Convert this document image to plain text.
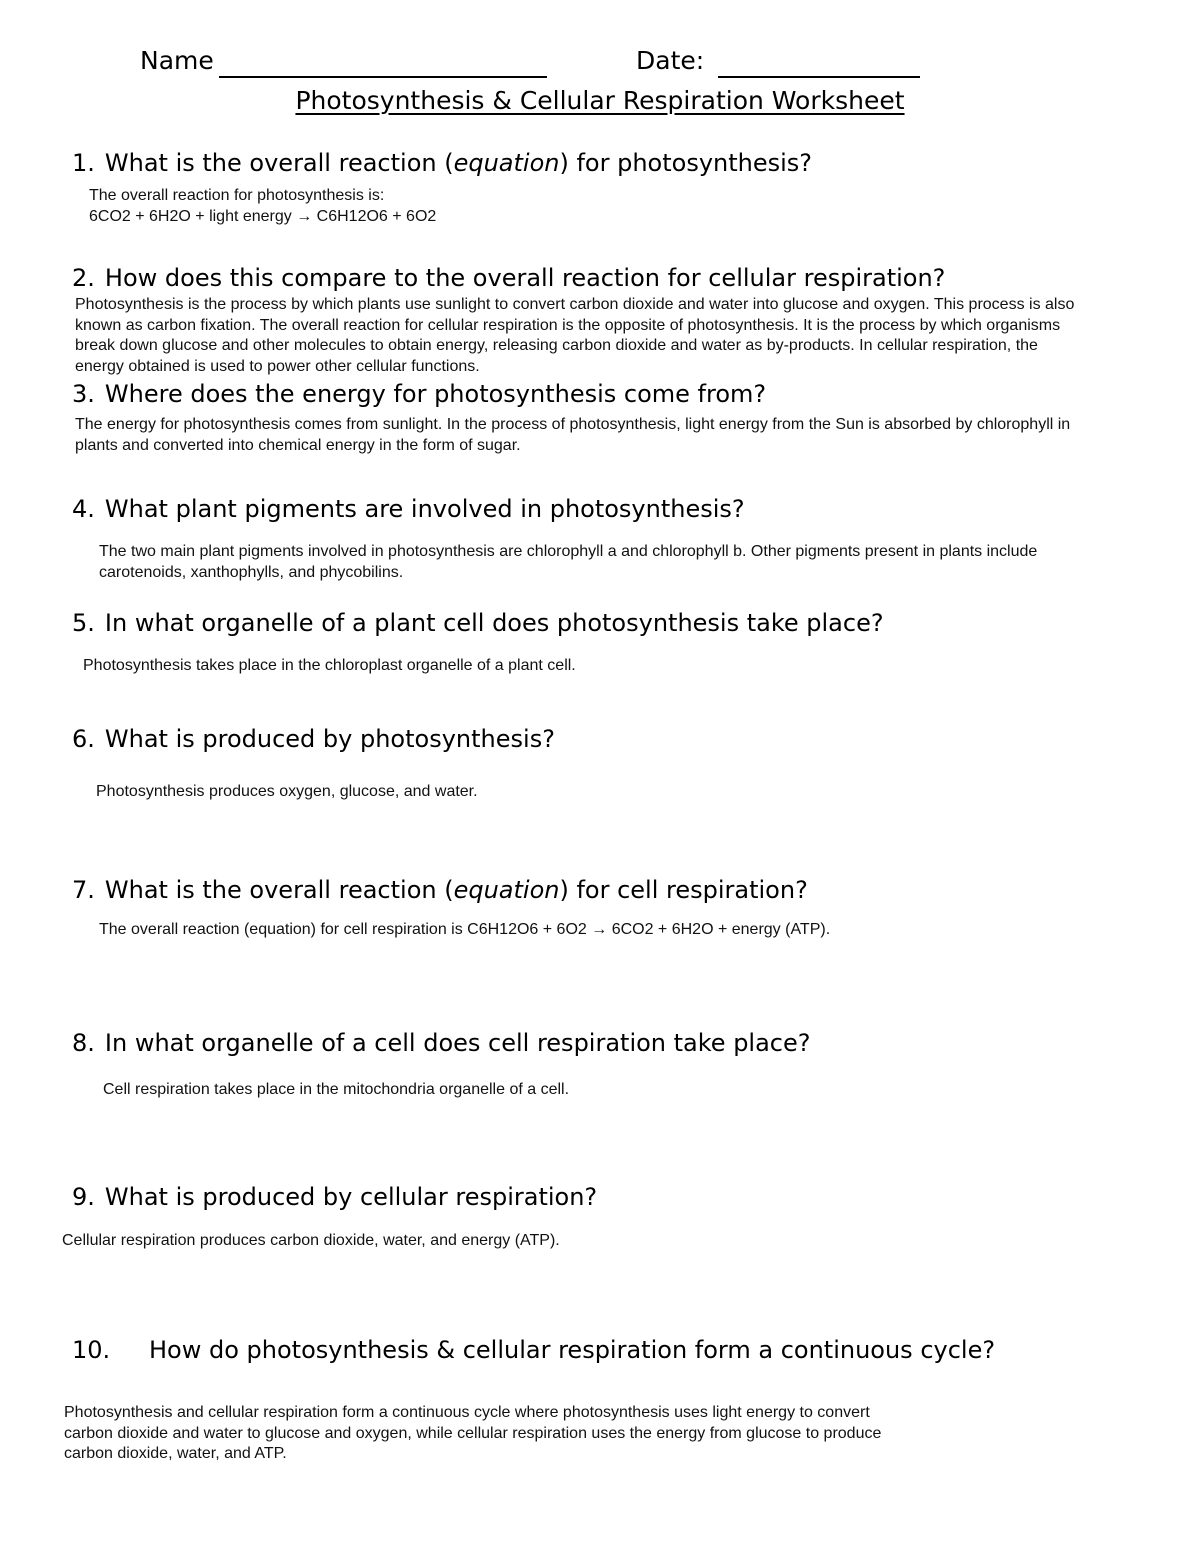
Name	Date:
Photosynthesis & Cellular Respiration Worksheet
1. What is the overall reaction (equation) for photosynthesis?
The overall reaction for photosynthesis is:
6CO2 + 6H2O + light energy → C6H12O6 + 6O2
2. How does this compare to the overall reaction for cellular respiration?
Photosynthesis is the process by which plants use sunlight to convert carbon dioxide and water into glucose and oxygen. This process is also
known as carbon fixation. The overall reaction for cellular respiration is the opposite of photosynthesis. It is the process by which organisms
break down glucose and other molecules to obtain energy, releasing carbon dioxide and water as by-products. In cellular respiration, the
energy obtained is used to power other cellular functions.
3. Where does the energy for photosynthesis come from?
The energy for photosynthesis comes from sunlight. In the process of photosynthesis, light energy from the Sun is absorbed by chlorophyll in
plants and converted into chemical energy in the form of sugar.
4. What plant pigments are involved in photosynthesis?
The two main plant pigments involved in photosynthesis are chlorophyll a and chlorophyll b. Other pigments present in plants include
carotenoids, xanthophylls, and phycobilins.
5. In what organelle of a plant cell does photosynthesis take place?
Photosynthesis takes place in the chloroplast organelle of a plant cell.
6. What is produced by photosynthesis?
Photosynthesis produces oxygen, glucose, and water.
7. What is the overall reaction (equation) for cell respiration?
The overall reaction (equation) for cell respiration is C6H12O6 + 6O2 → 6CO2 + 6H2O + energy (ATP).
8. In what organelle of a cell does cell respiration take place?
Cell respiration takes place in the mitochondria organelle of a cell.
9. What is produced by cellular respiration?
Cellular respiration produces carbon dioxide, water, and energy (ATP).
10. How do photosynthesis & cellular respiration form a continuous cycle?
Photosynthesis and cellular respiration form a continuous cycle where photosynthesis uses light energy to convert
carbon dioxide and water to glucose and oxygen, while cellular respiration uses the energy from glucose to produce
carbon dioxide, water, and ATP.
